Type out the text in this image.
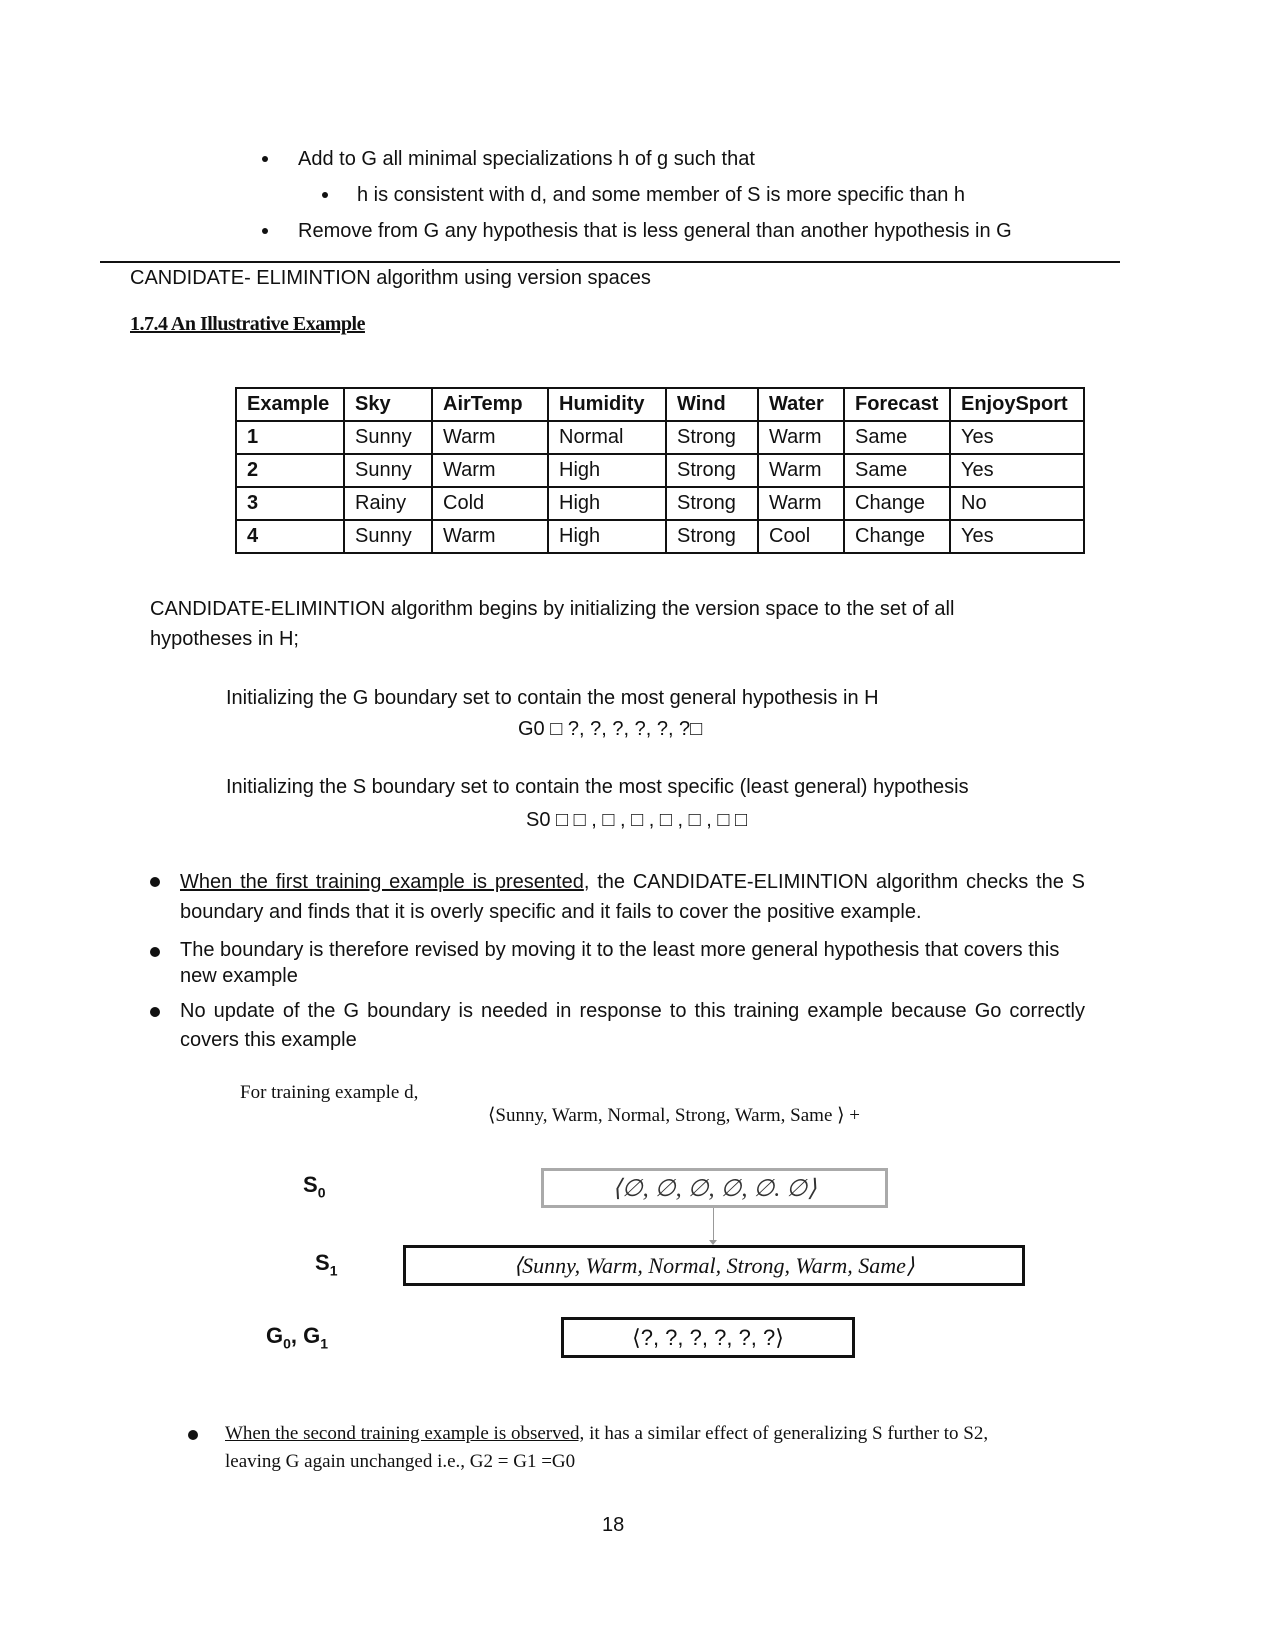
Add to G all minimal specializations h of g such that
h is consistent with d, and some member of S is more specific than h
Remove from G any hypothesis that is less general than another hypothesis in G
CANDIDATE- ELIMINTION algorithm using version spaces
1.7.4 An Illustrative Example
Example	Sky	AirTemp	Humidity	Wind	Water	Forecast	EnjoySport
1	Sunny	Warm	Normal	Strong	Warm	Same	Yes
2	Sunny	Warm	High	Strong	Warm	Same	Yes
3	Rainy	Cold	High	Strong	Warm	Change	No
4	Sunny	Warm	High	Strong	Cool	Change	Yes
CANDIDATE-ELIMINTION algorithm begins by initializing the version space to the set of all hypotheses in H;
Initializing the G boundary set to contain the most general hypothesis in H
G0 □ ?, ?, ?, ?, ?, ?□
Initializing the S boundary set to contain the most specific (least general) hypothesis
S0 □ □ , □ , □ , □ , □ , □ □
When the first training example is presented, the CANDIDATE-ELIMINTION algorithm checks the S boundary and finds that it is overly specific and it fails to cover the positive example.
The boundary is therefore revised by moving it to the least more general hypothesis that covers this new example
No update of the G boundary is needed in response to this training example because Go correctly covers this example
For training example d,
⟨Sunny, Warm, Normal, Strong, Warm, Same ⟩ +
$S_0$	⟨∅, ∅, ∅, ∅, ∅. ∅⟩
$S_1$	⟨Sunny, Warm, Normal, Strong, Warm, Same⟩
$G_0$, $G_1$	⟨?, ?, ?, ?, ?, ?⟩
When the second training example is observed, it has a similar effect of generalizing S further to S2,
leaving G again unchanged i.e., G2 = G1 =G0
18
